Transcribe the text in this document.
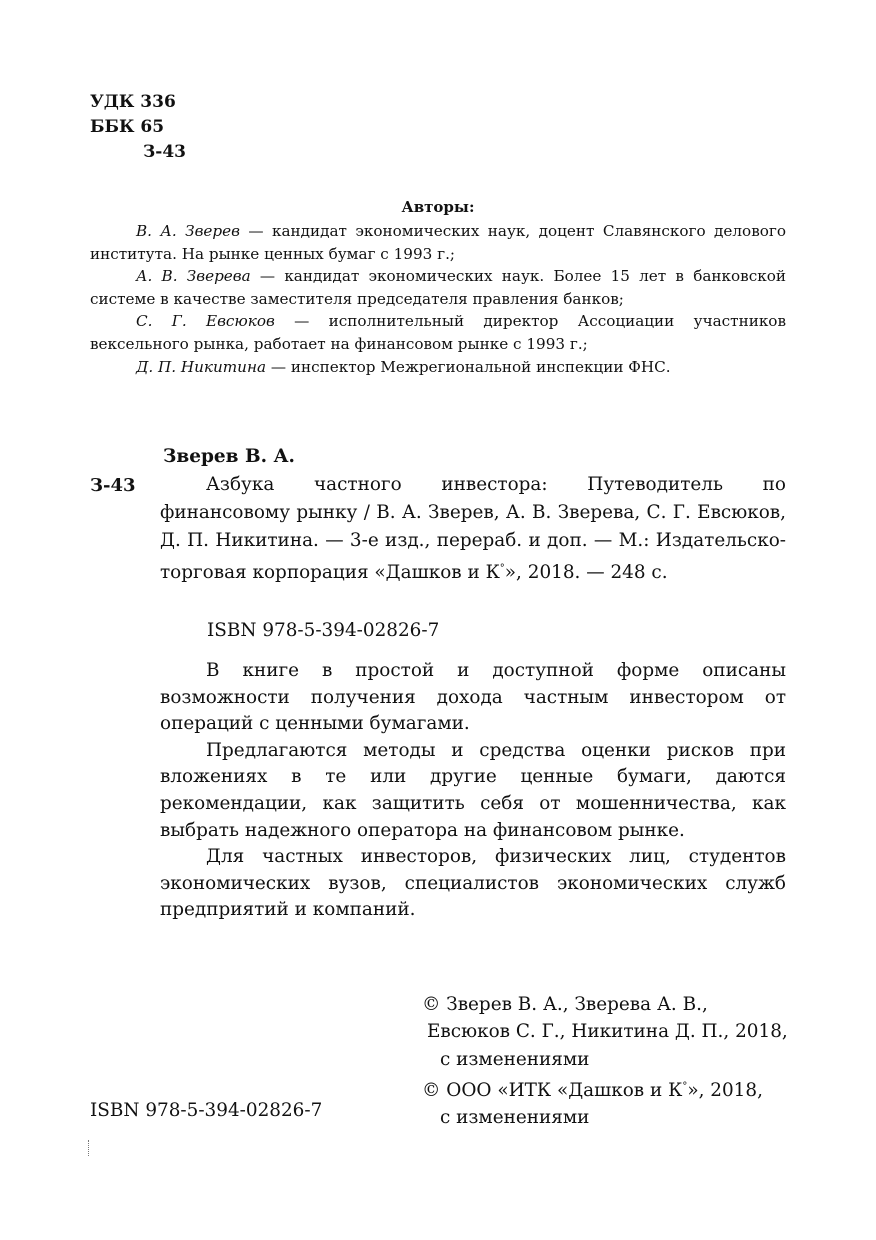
УДК 336
ББК 65
З-43
Авторы:

В. А. Зверев — кандидат экономических наук, доцент Славянского делового института. На рынке ценных бумаг с 1993 г.;

А. В. Зверева — кандидат экономических наук. Более 15 лет в банковской системе в качестве заместителя председателя правления банков;

С. Г. Евсюков — исполнительный директор Ассоциации участников вексельного рынка, работает на финансовом рынке с 1993 г.;

Д. П. Никитина — инспектор Межрегиональной инспекции ФНС.

Зверев В. А.
З-43	Азбука частного инвестора: Путеводитель по финансовому рынку / В. А. Зверев, А. В. Зверева, С. Г. Евсюков, Д. П. Никитина. — 3-е изд., перераб. и доп. — М.: Издательско-торговая корпорация «Дашков и К°», 2018. — 248 с.

ISBN 978-5-394-02826-7

В книге в простой и доступной форме описаны возможности получения дохода частным инвестором от операций с ценными бумагами.

Предлагаются методы и средства оценки рисков при вложениях в те или другие ценные бумаги, даются рекомендации, как защитить себя от мошенничества, как выбрать надежного оператора на финансовом рынке.

Для частных инвесторов, физических лиц, студентов экономических вузов, специалистов экономических служб предприятий и компаний.

© Зверев В. А., Зверева А. В.,
Евсюков С. Г., Никитина Д. П., 2018,
с изменениями
© ООО «ИТК «Дашков и К°», 2018,
с изменениями
ISBN 978-5-394-02826-7
